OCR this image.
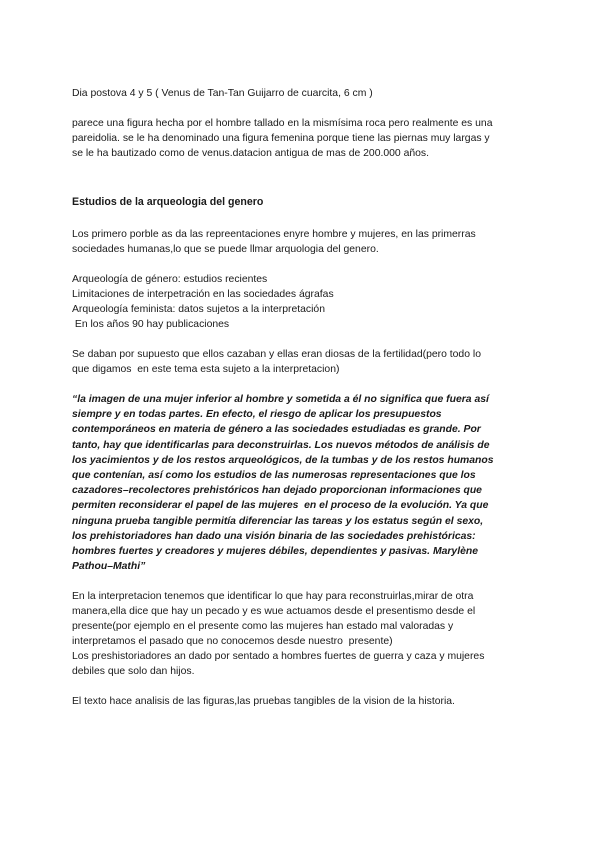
Dia postova 4 y 5 ( Venus de Tan-Tan Guijarro de cuarcita, 6 cm )

parece una figura hecha por el hombre tallado en la mismísima roca pero realmente es una
pareidolia. se le ha denominado una figura femenina porque tiene las piernas muy largas y
se le ha bautizado como de venus.datacion antigua de mas de 200.000 años.

Estudios de la arqueologia del genero

Los primero porble as da las repreentaciones enyre hombre y mujeres, en las primerras
sociedades humanas,lo que se puede llmar arquologia del genero.
Arqueología de género: estudios recientes
Limitaciones de interpetración en las sociedades ágrafas
Arqueología feminista: datos sujetos a la interpretación
En los años 90 hay publicaciones
Se daban por supuesto que ellos cazaban y ellas eran diosas de la fertilidad(pero todo lo
que digamos  en este tema esta sujeto a la interpretacion)
“la imagen de una mujer inferior al hombre y sometida a él no significa que fuera así
siempre y en todas partes. En efecto, el riesgo de aplicar los presupuestos
contemporáneos en materia de género a las sociedades estudiadas es grande. Por
tanto, hay que identificarlas para deconstruirlas. Los nuevos métodos de análisis de
los yacimientos y de los restos arqueológicos, de la tumbas y de los restos humanos
que contenían, así como los estudios de las numerosas representaciones que los
cazadores–recolectores prehistóricos han dejado proporcionan informaciones que
permiten reconsiderar el papel de las mujeres  en el proceso de la evolución. Ya que
ninguna prueba tangible permitía diferenciar las tareas y los estatus según el sexo,
los prehistoriadores han dado una visión binaria de las sociedades prehistóricas:
hombres fuertes y creadores y mujeres débiles, dependientes y pasivas. Marylène
Pathou–Mathi”
En la interpretacion tenemos que identificar lo que hay para reconstruirlas,mirar de otra
manera,ella dice que hay un pecado y es wue actuamos desde el presentismo desde el
presente(por ejemplo en el presente como las mujeres han estado mal valoradas y
interpretamos el pasado que no conocemos desde nuestro  presente)
Los preshistoriadores an dado por sentado a hombres fuertes de guerra y caza y mujeres
debiles que solo dan hijos.

El texto hace analisis de las figuras,las pruebas tangibles de la vision de la historia.
